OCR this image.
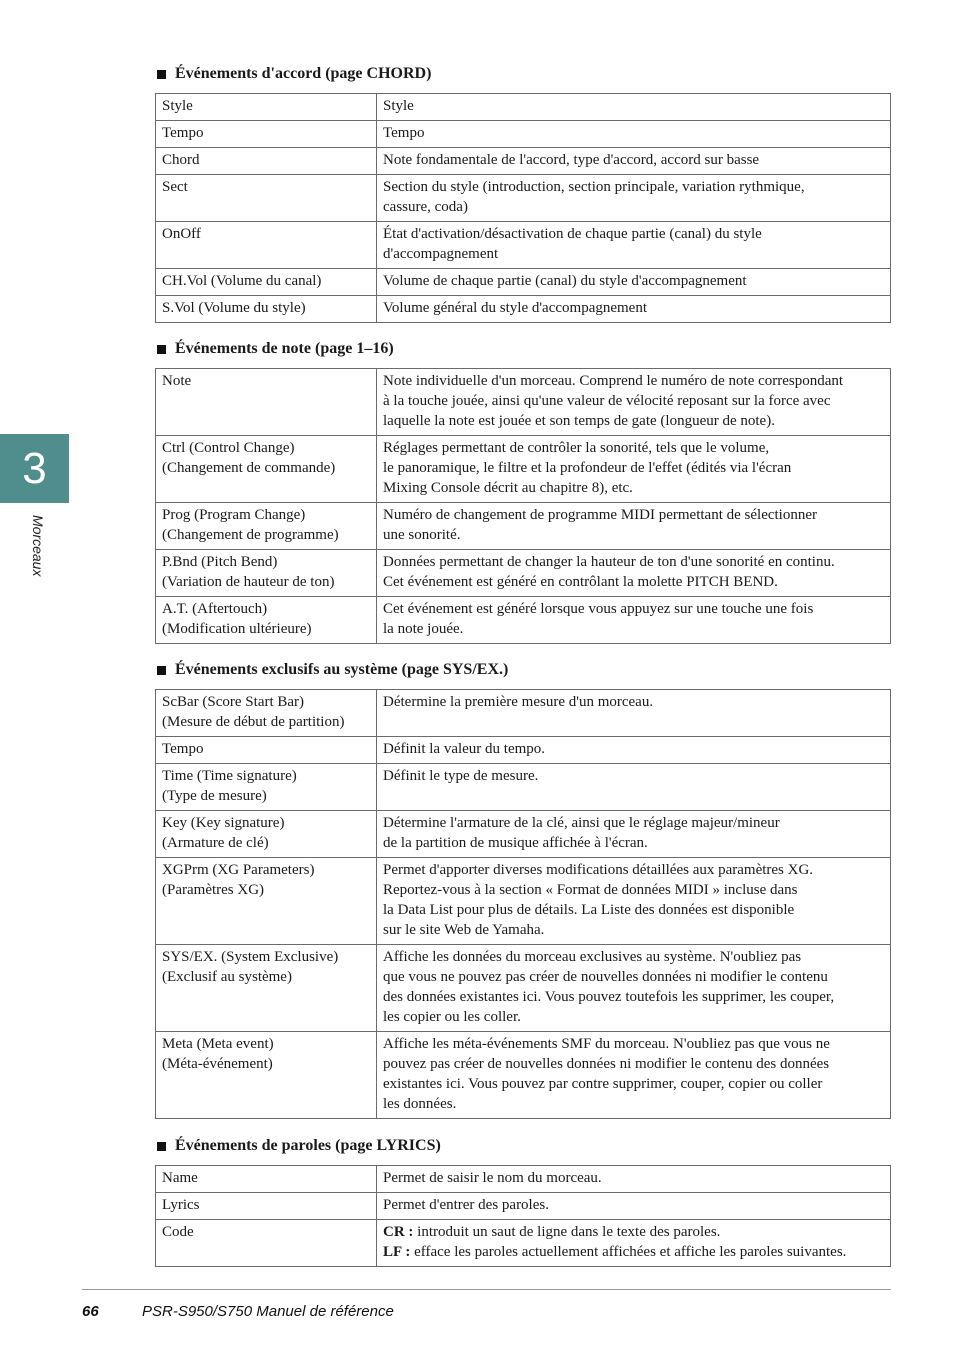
3
Morceaux
Événements d'accord (page CHORD)
Style	Style

Tempo	Tempo

Chord	Note fondamentale de l'accord, type d'accord, accord sur basse

Sect	Section du style (introduction, section principale, variation rythmique,
cassure, coda)

OnOff	État d'activation/désactivation de chaque partie (canal) du style
d'accompagnement

CH.Vol (Volume du canal)	Volume de chaque partie (canal) du style d'accompagnement

S.Vol (Volume du style)	Volume général du style d'accompagnement
Événements de note (page 1–16)
Note	Note individuelle d'un morceau. Comprend le numéro de note correspondant
à la touche jouée, ainsi qu'une valeur de vélocité reposant sur la force avec
laquelle la note est jouée et son temps de gate (longueur de note).

Ctrl (Control Change)
(Changement de commande)	Réglages permettant de contrôler la sonorité, tels que le volume,
le panoramique, le filtre et la profondeur de l'effet (édités via l'écran
Mixing Console décrit au chapitre 8), etc.

Prog (Program Change)
(Changement de programme)	Numéro de changement de programme MIDI permettant de sélectionner
une sonorité.

P.Bnd (Pitch Bend)
(Variation de hauteur de ton)	Données permettant de changer la hauteur de ton d'une sonorité en continu.
Cet événement est généré en contrôlant la molette PITCH BEND.

A.T. (Aftertouch)
(Modification ultérieure)	Cet événement est généré lorsque vous appuyez sur une touche une fois
la note jouée.
Événements exclusifs au système (page SYS/EX.)
ScBar (Score Start Bar)
(Mesure de début de partition)	Détermine la première mesure d'un morceau.

Tempo	Définit la valeur du tempo.

Time (Time signature)
(Type de mesure)	Définit le type de mesure.

Key (Key signature)
(Armature de clé)	Détermine l'armature de la clé, ainsi que le réglage majeur/mineur
de la partition de musique affichée à l'écran.

XGPrm (XG Parameters)
(Paramètres XG)	Permet d'apporter diverses modifications détaillées aux paramètres XG.
Reportez-vous à la section « Format de données MIDI » incluse dans
la Data List pour plus de détails. La Liste des données est disponible
sur le site Web de Yamaha.

SYS/EX. (System Exclusive)
(Exclusif au système)	Affiche les données du morceau exclusives au système. N'oubliez pas
que vous ne pouvez pas créer de nouvelles données ni modifier le contenu
des données existantes ici. Vous pouvez toutefois les supprimer, les couper,
les copier ou les coller.

Meta (Meta event)
(Méta-événement)	Affiche les méta-événements SMF du morceau. N'oubliez pas que vous ne
pouvez pas créer de nouvelles données ni modifier le contenu des données
existantes ici. Vous pouvez par contre supprimer, couper, copier ou coller
les données.
Événements de paroles (page LYRICS)
Name	Permet de saisir le nom du morceau.

Lyrics	Permet d'entrer des paroles.

Code	CR : introduit un saut de ligne dans le texte des paroles.
LF : efface les paroles actuellement affichées et affiche les paroles suivantes.
66	PSR-S950/S750 Manuel de référence
